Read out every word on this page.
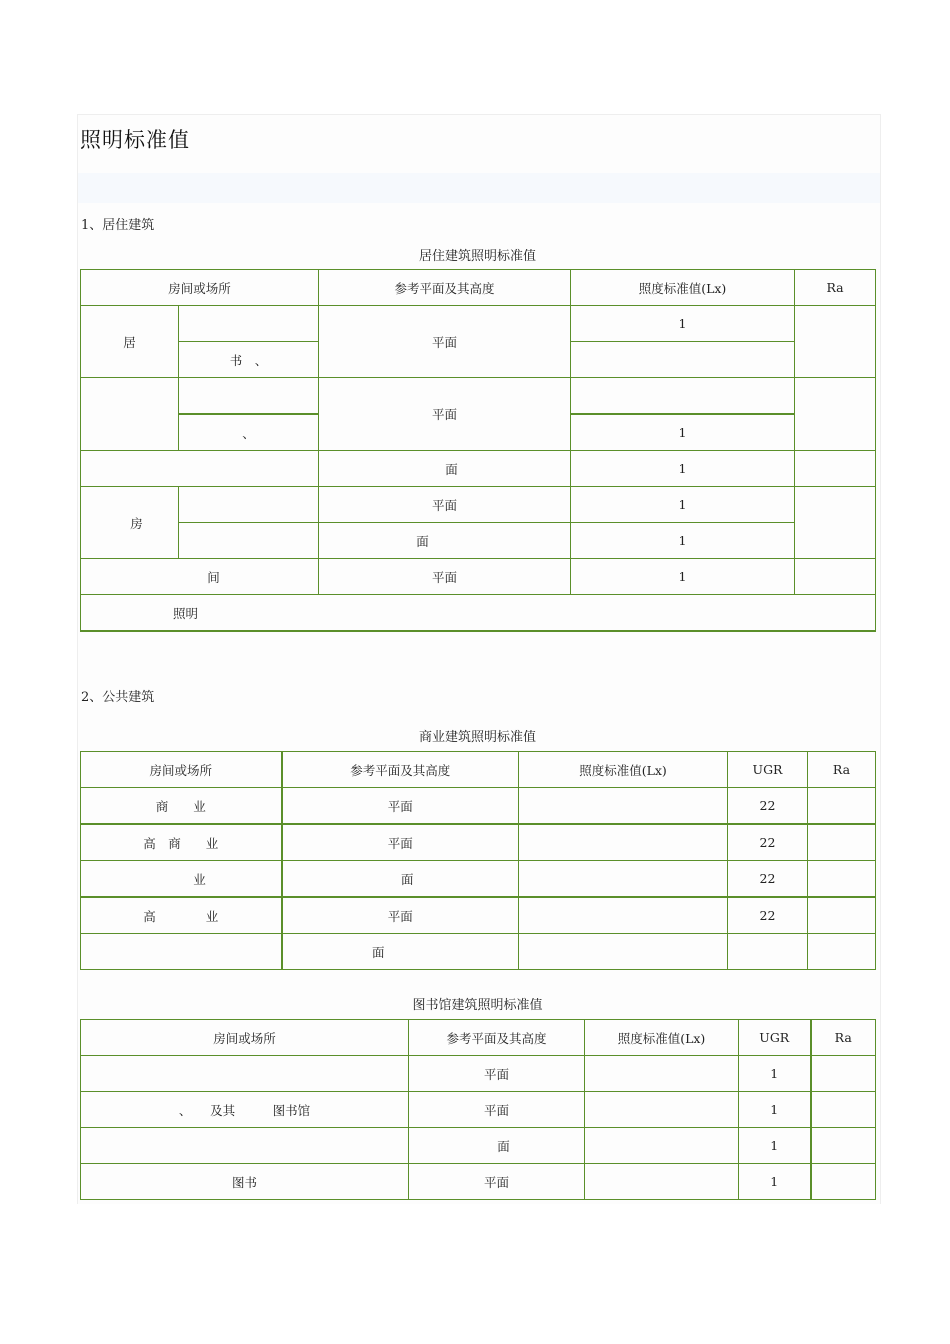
照明标准值
1、居住建筑
居住建筑照明标准值
房间或场所		参考平面及其高度	照度标准值(Lx)	Ra
居		平面	1	
	书　、			
		平面		
	、		1	
		面	1	
房		平面	1	
		面	1	
间		平面	1	
照明				
2、公共建筑
商业建筑照明标准值
房间或场所	参考平面及其高度	照度标准值(Lx)	UGR	Ra
商　　业	平面		22	
高　商　　业	平面		22	
　　　业	面		22	
高　　　　业	平面		22	
	面			
图书馆建筑照明标准值
房间或场所	参考平面及其高度	照度标准值(Lx)	UGR	Ra
	平面		1	
、　　及其　　　图书馆	平面		1	
	面		1	
图书	平面		1	
